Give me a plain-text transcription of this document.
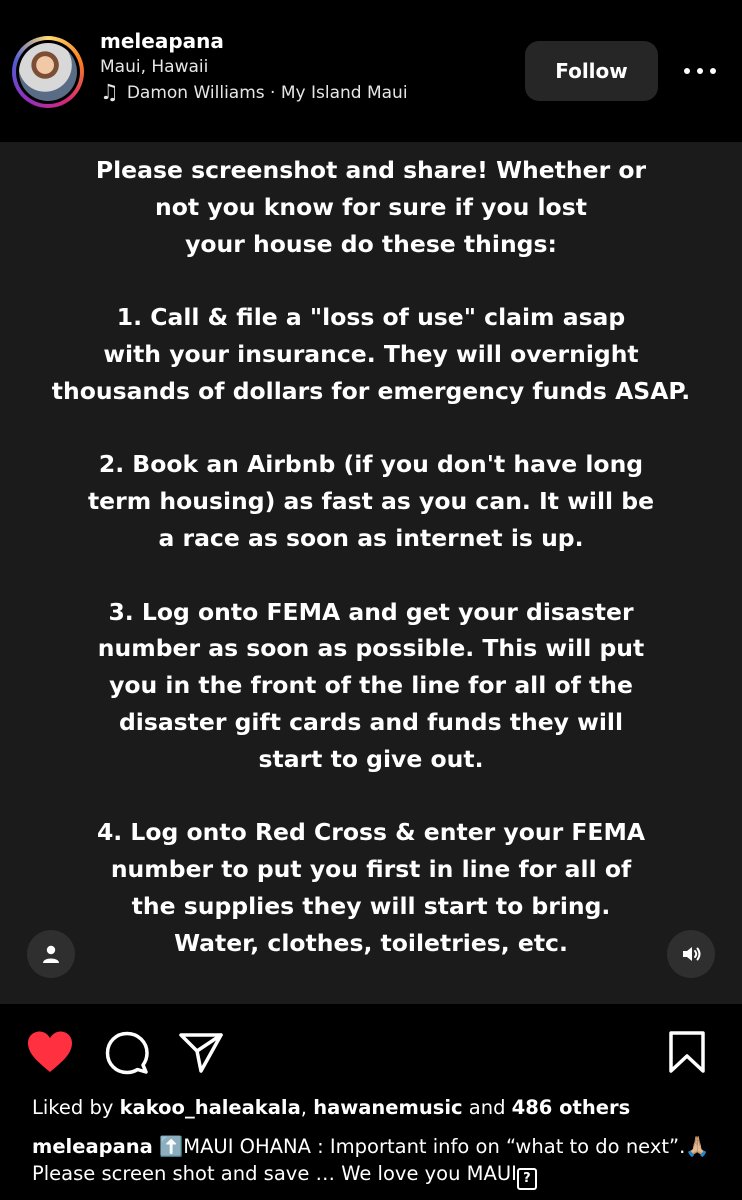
meleapana
Maui, Hawaii
♫ Damon Williams · My Island Maui
Follow
Please screenshot and share! Whether or
not you know for sure if you lost
your house do these things:

1. Call & file a "loss of use" claim asap
with your insurance. They will overnight
thousands of dollars for emergency funds ASAP.

2. Book an Airbnb (if you don't have long
term housing) as fast as you can. It will be
a race as soon as internet is up.

3. Log onto FEMA and get your disaster
number as soon as possible. This will put
you in the front of the line for all of the
disaster gift cards and funds they will
start to give out.

4. Log onto Red Cross & enter your FEMA
number to put you first in line for all of
the supplies they will start to bring.
Water, clothes, toiletries, etc.
Liked by kakoo_haleakala, hawanemusic and 486 others
meleapana ⬆️MAUI OHANA : Important info on “what to do next”.🙏🏼 Please screen shot and save … We love you MAUI ?
